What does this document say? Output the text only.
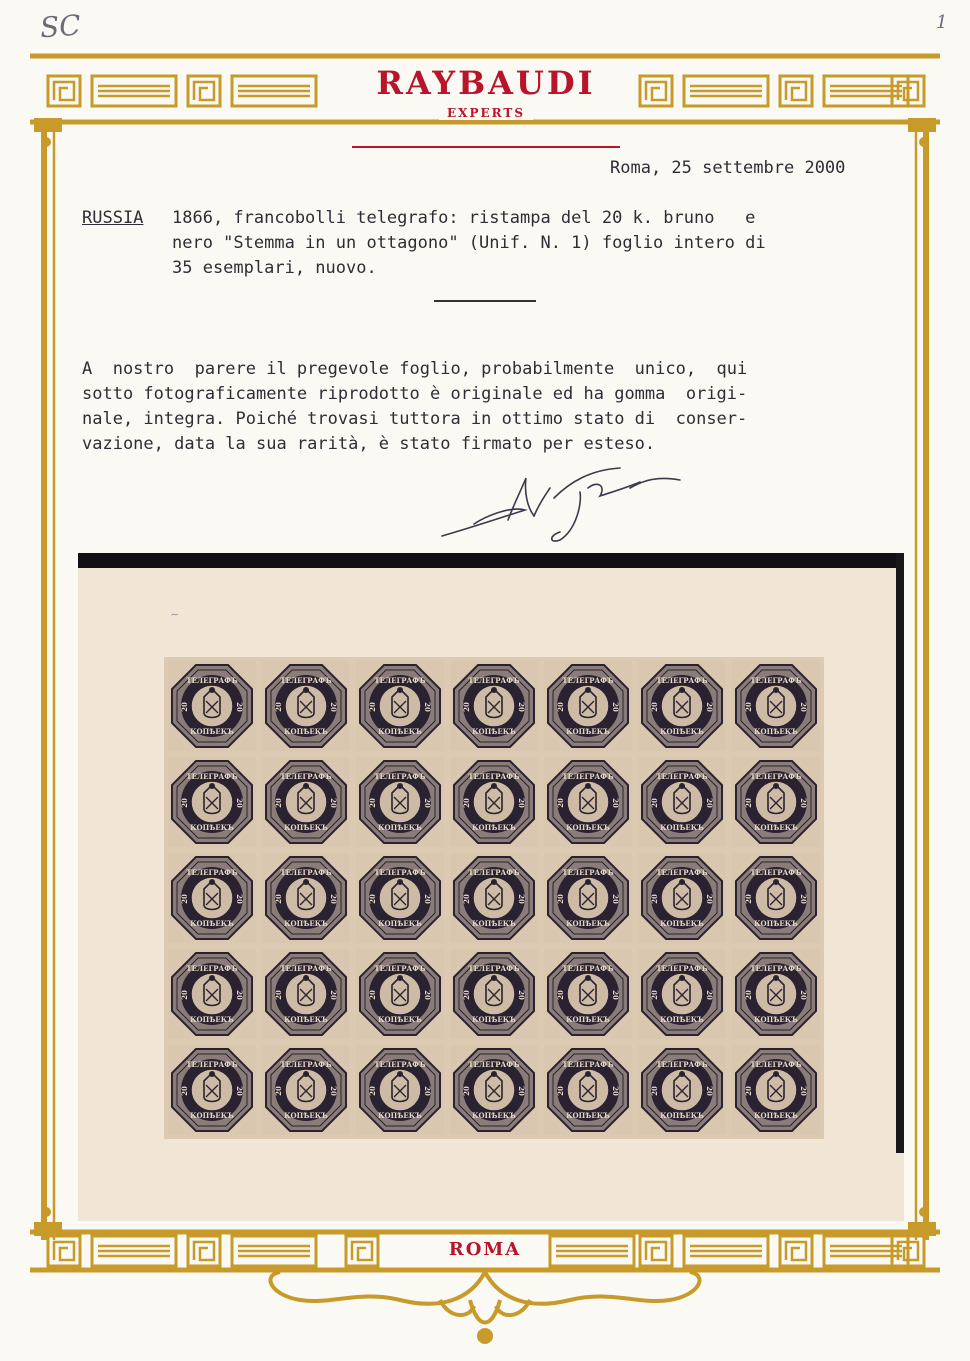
SC	1
RAYBAUDI
EXPERTS
ROMA
Roma, 25 settembre 2000
RUSSIA 1866, francobolli telegrafo: ristampa del 20 k. bruno   e
nero "Stemma in un ottagono" (Unif. N. 1) foglio intero di
35 esemplari, nuovo.
A  nostro  parere il pregevole foglio, probabilmente  unico,  qui
sotto fotograficamente riprodotto è originale ed ha gomma  origi-
nale, integra. Poiché trovasi tuttora in ottimo stato di  conser-
vazione, data la sua rarità, è stato firmato per esteso.
~
ТЕЛЕГРАФЪ
КОПѢЕКЪ
20	20
ТЕЛЕГРАФЪ
КОПѢЕКЪ
20	20
ТЕЛЕГРАФЪ
КОПѢЕКЪ
20	20
ТЕЛЕГРАФЪ
КОПѢЕКЪ
20	20
ТЕЛЕГРАФЪ
КОПѢЕКЪ
20	20
ТЕЛЕГРАФЪ
КОПѢЕКЪ
20	20
ТЕЛЕГРАФЪ
КОПѢЕКЪ
20	20
ТЕЛЕГРАФЪ
КОПѢЕКЪ
20	20
ТЕЛЕГРАФЪ
КОПѢЕКЪ
20	20
ТЕЛЕГРАФЪ
КОПѢЕКЪ
20	20
ТЕЛЕГРАФЪ
КОПѢЕКЪ
20	20
ТЕЛЕГРАФЪ
КОПѢЕКЪ
20	20
ТЕЛЕГРАФЪ
КОПѢЕКЪ
20	20
ТЕЛЕГРАФЪ
КОПѢЕКЪ
20	20
ТЕЛЕГРАФЪ
КОПѢЕКЪ
20	20
ТЕЛЕГРАФЪ
КОПѢЕКЪ
20	20
ТЕЛЕГРАФЪ
КОПѢЕКЪ
20	20
ТЕЛЕГРАФЪ
КОПѢЕКЪ
20	20
ТЕЛЕГРАФЪ
КОПѢЕКЪ
20	20
ТЕЛЕГРАФЪ
КОПѢЕКЪ
20	20
ТЕЛЕГРАФЪ
КОПѢЕКЪ
20	20
ТЕЛЕГРАФЪ
КОПѢЕКЪ
20	20
ТЕЛЕГРАФЪ
КОПѢЕКЪ
20	20
ТЕЛЕГРАФЪ
КОПѢЕКЪ
20	20
ТЕЛЕГРАФЪ
КОПѢЕКЪ
20	20
ТЕЛЕГРАФЪ
КОПѢЕКЪ
20	20
ТЕЛЕГРАФЪ
КОПѢЕКЪ
20	20
ТЕЛЕГРАФЪ
КОПѢЕКЪ
20	20
ТЕЛЕГРАФЪ
КОПѢЕКЪ
20	20
ТЕЛЕГРАФЪ
КОПѢЕКЪ
20	20
ТЕЛЕГРАФЪ
КОПѢЕКЪ
20	20
ТЕЛЕГРАФЪ
КОПѢЕКЪ
20	20
ТЕЛЕГРАФЪ
КОПѢЕКЪ
20	20
ТЕЛЕГРАФЪ
КОПѢЕКЪ
20	20
ТЕЛЕГРАФЪ
КОПѢЕКЪ
20	20
